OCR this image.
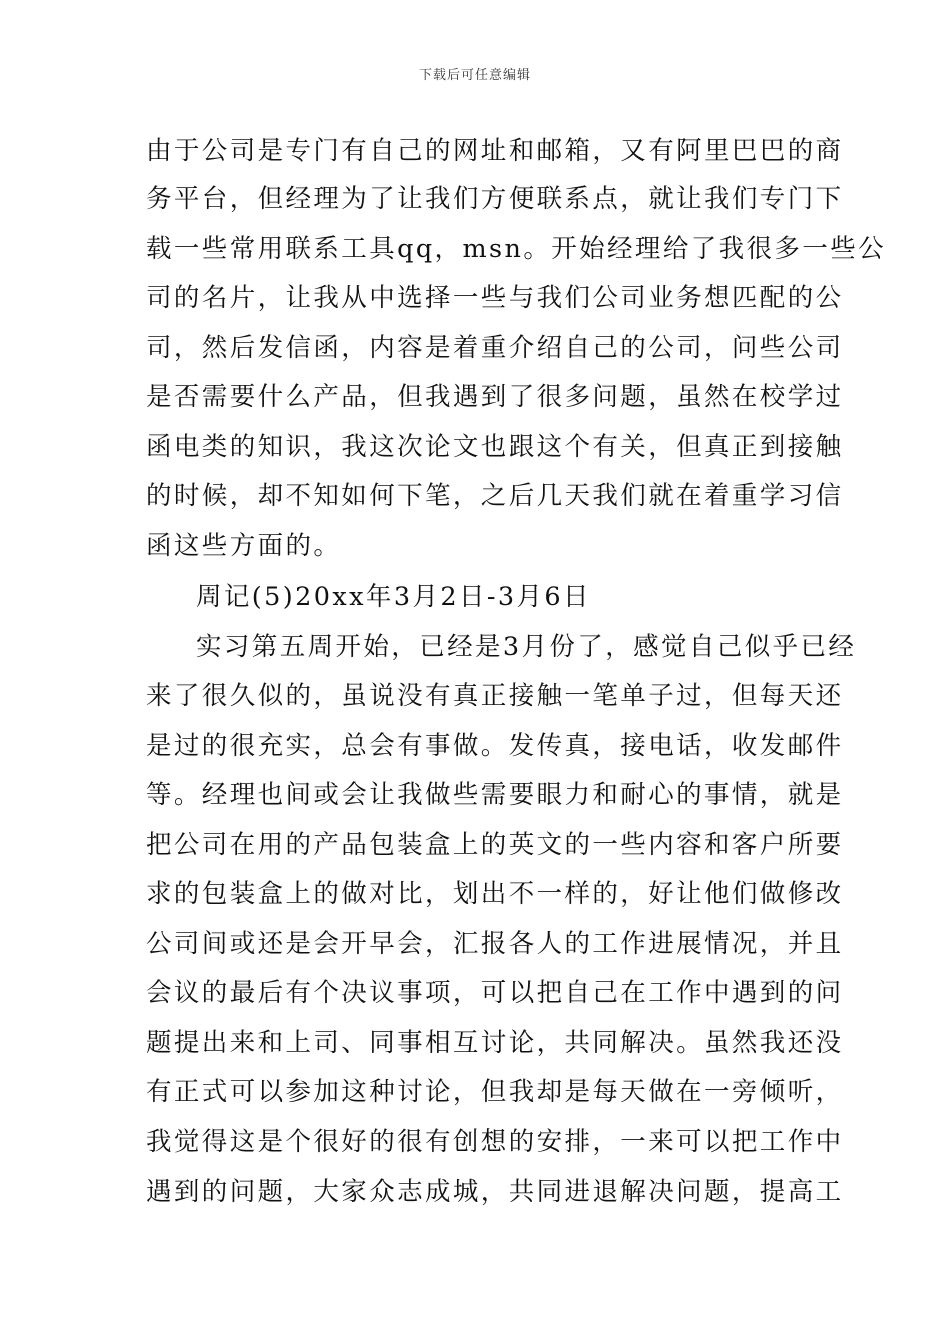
下载后可任意编辑
由于公司是专门有自己的网址和邮箱，又有阿里巴巴的商
务平台，但经理为了让我们方便联系点，就让我们专门下
载一些常用联系工具qq，msn。开始经理给了我很多一些公
司的名片，让我从中选择一些与我们公司业务想匹配的公
司，然后发信函，内容是着重介绍自己的公司，问些公司
是否需要什么产品，但我遇到了很多问题，虽然在校学过
函电类的知识，我这次论文也跟这个有关，但真正到接触
的时候，却不知如何下笔，之后几天我们就在着重学习信
函这些方面的。
周记(5)20xx年3月2日-3月6日
实习第五周开始，已经是3月份了，感觉自己似乎已经
来了很久似的，虽说没有真正接触一笔单子过，但每天还
是过的很充实，总会有事做。发传真，接电话，收发邮件
等。经理也间或会让我做些需要眼力和耐心的事情，就是
把公司在用的产品包装盒上的英文的一些内容和客户所要
求的包装盒上的做对比，划出不一样的，好让他们做修改
公司间或还是会开早会，汇报各人的工作进展情况，并且
会议的最后有个决议事项，可以把自己在工作中遇到的问
题提出来和上司、同事相互讨论，共同解决。虽然我还没
有正式可以参加这种讨论，但我却是每天做在一旁倾听，
我觉得这是个很好的很有创想的安排，一来可以把工作中
遇到的问题，大家众志成城，共同进退解决问题，提高工
